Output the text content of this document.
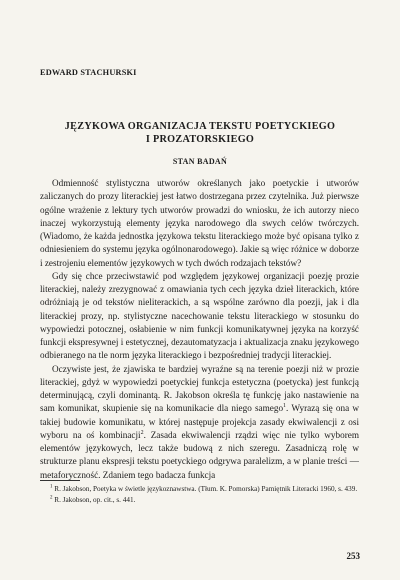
EDWARD STACHURSKI
JĘZYKOWA ORGANIZACJA TEKSTU POETYCKIEGO
I PROZATORSKIEGO
STAN BADAŃ

Odmienność stylistyczna utworów określanych jako poetyckie i utworów zaliczanych do prozy literackiej jest łatwo dostrzegana przez czytelnika. Już pierwsze ogólne wrażenie z lektury tych utworów prowadzi do wniosku, że ich autorzy nieco inaczej wykorzystują elementy języka narodowego dla swych celów twórczych. (Wiadomo, że każda jednostka językowa tekstu literackiego może być opisana tylko z odniesieniem do systemu języka ogólnonarodowego). Jakie są więc różnice w doborze i zestrojeniu elementów językowych w tych dwóch rodzajach tekstów?

Gdy się chce przeciwstawić pod względem językowej organizacji poezję prozie literackiej, należy zrezygnować z omawiania tych cech języka dzieł literackich, które odróżniają je od tekstów nieliterackich, a są wspólne zarówno dla poezji, jak i dla literackiej prozy, np. stylistyczne nacechowanie tekstu literackiego w stosunku do wypowiedzi potocznej, osłabienie w nim funkcji komunikatywnej języka na korzyść funkcji ekspresywnej i estetycznej, dezautomatyzacja i aktualizacja znaku językowego odbieranego na tle norm języka literackiego i bezpośredniej tradycji literackiej.

Oczywiste jest, że zjawiska te bardziej wyraźne są na terenie poezji niż w prozie literackiej, gdyż w wypowiedzi poetyckiej funkcja estetyczna (poetycka) jest funkcją determinującą, czyli dominantą. R. Jakobson określa tę funkcję jako nastawienie na sam komunikat, skupienie się na komunikacie dla niego samego$^1$. Wyrazą się ona w takiej budowie komunikatu, w której następuje projekcja zasady ekwiwalencji z osi wyboru na oś kombinacji$^2$. Zasada ekwiwalencji rządzi więc nie tylko wyborem elementów językowych, lecz także budową z nich szeregu. Zasadniczą rolę w strukturze planu ekspresji tekstu poetyckiego odgrywa paralelizm, a w planie treści — metaforyczność. Zdaniem tego badacza funkcja

$^1$ R. Jakobson, Poetyka w świetle językoznawstwa. (Tłum. K. Pomorska) Pamiętnik Literacki 1960, s. 439.

$^2$ R. Jakobson, op. cit., s. 441.

253
